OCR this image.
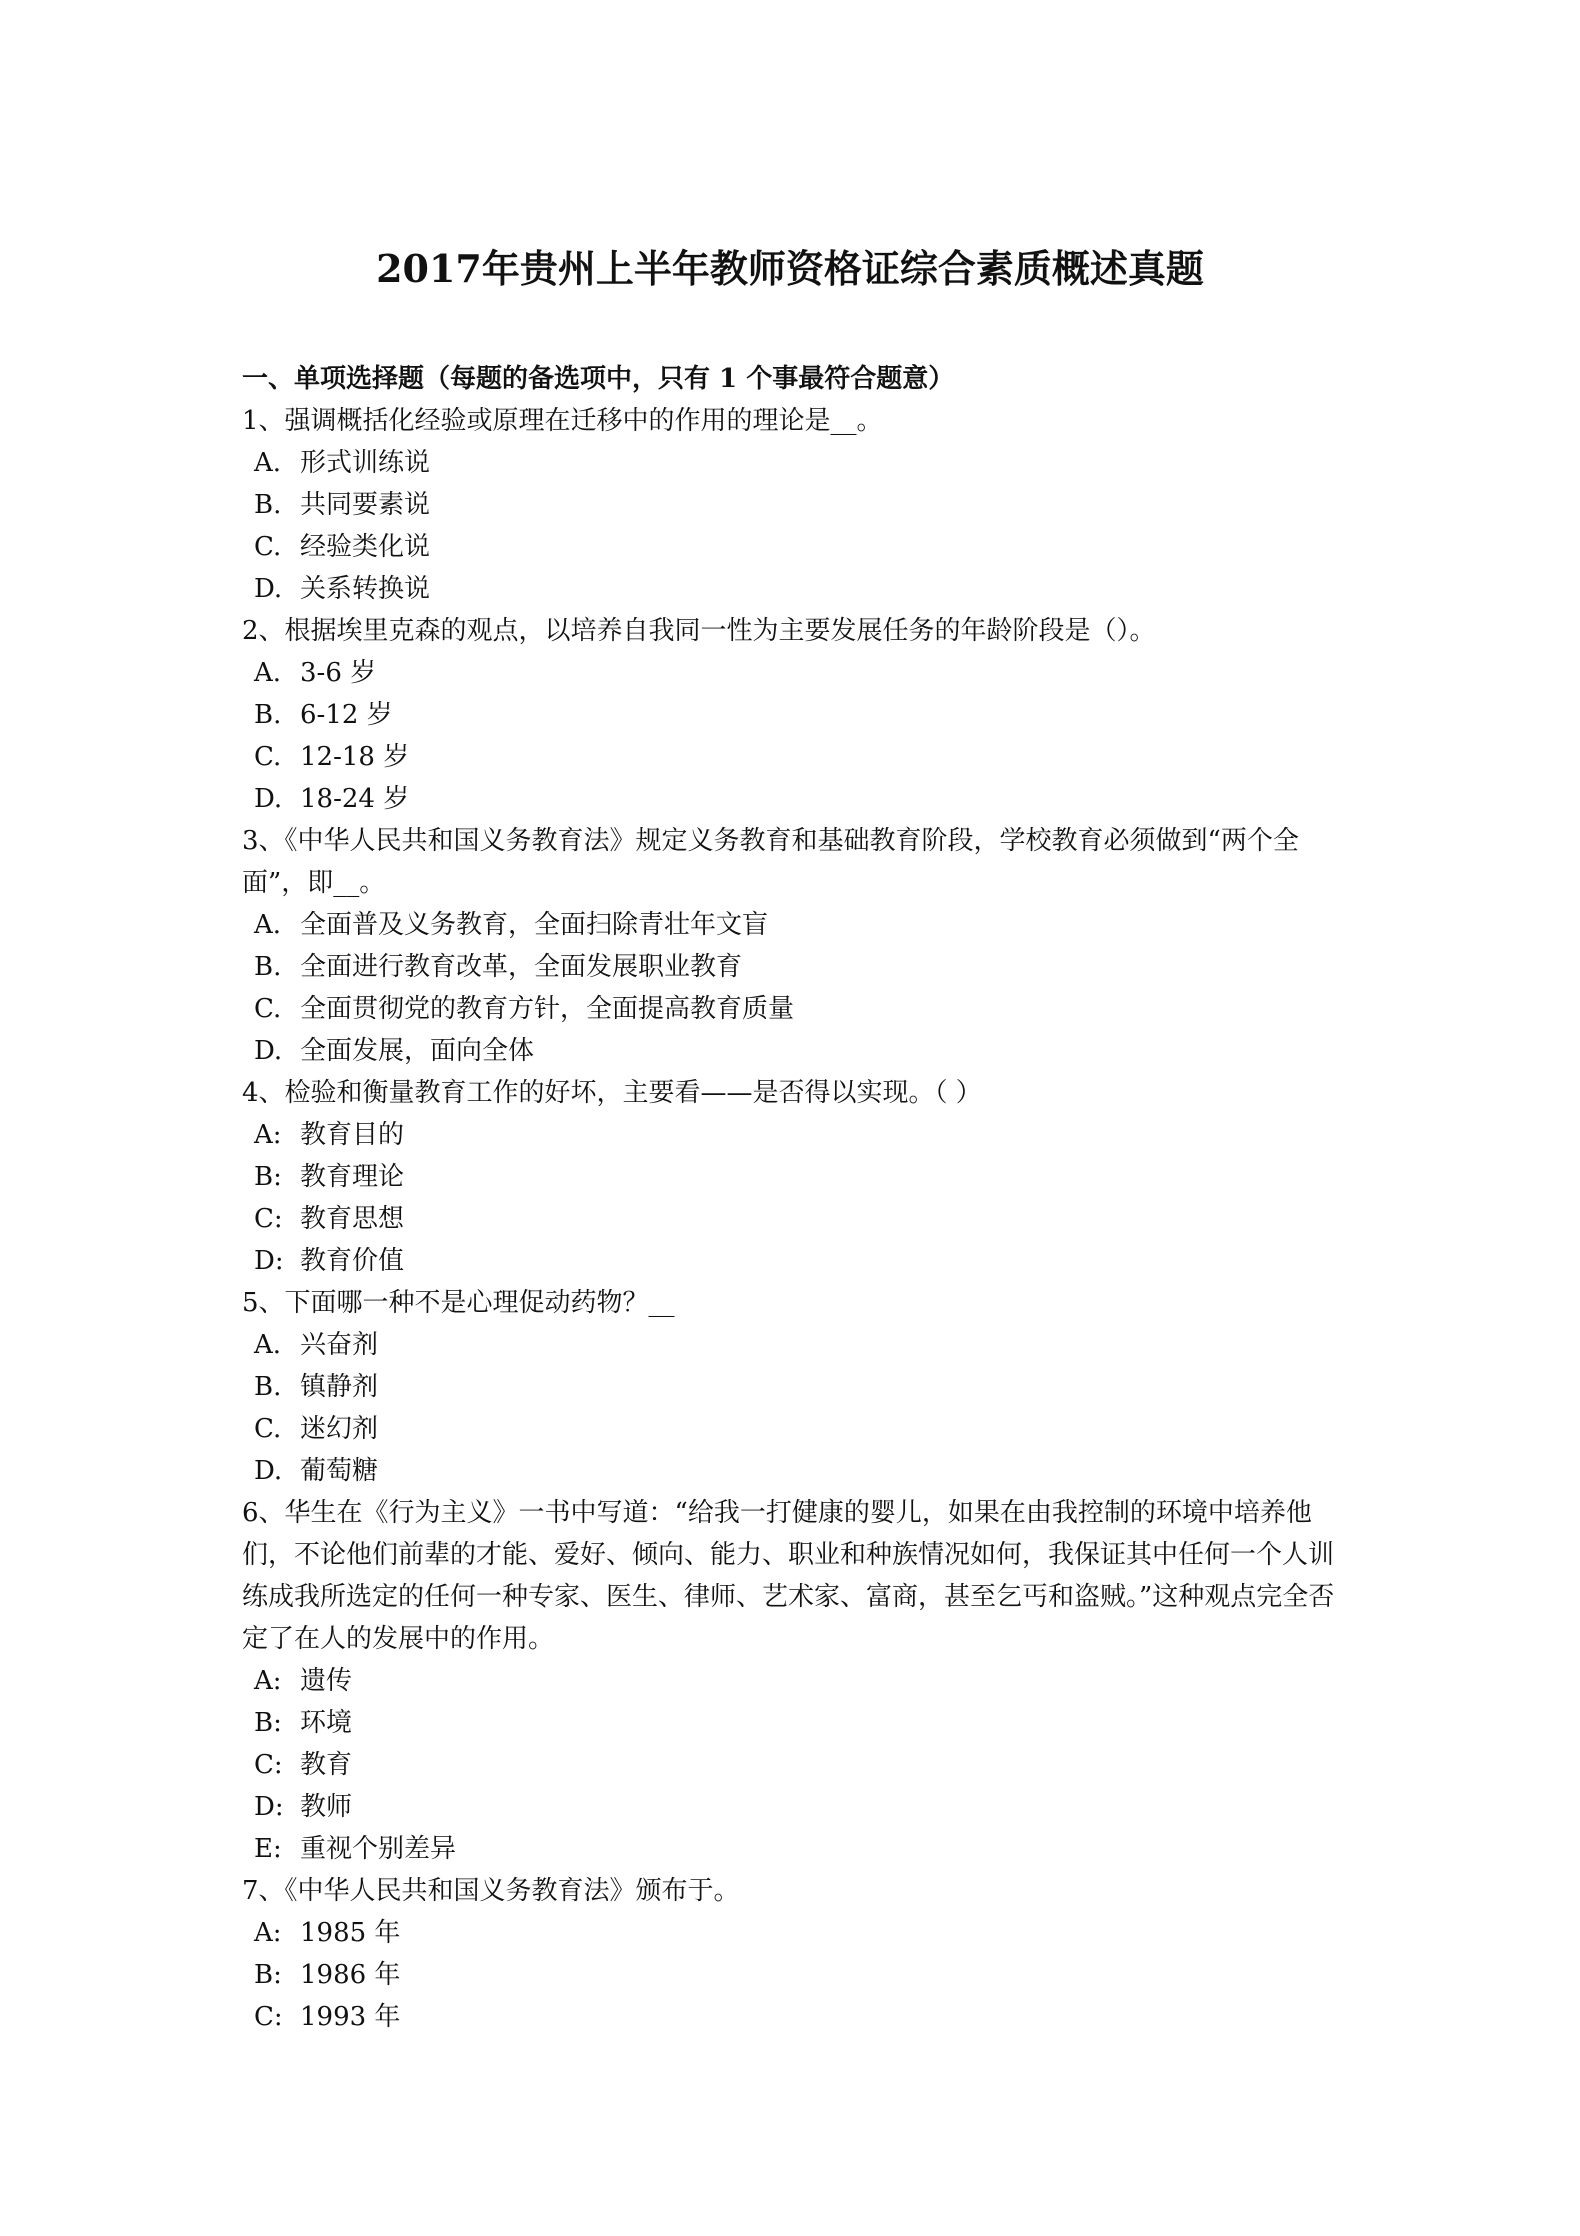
2017年贵州上半年教师资格证综合素质概述真题
一、单项选择题（每题的备选项中，只有 1 个事最符合题意）
1、强调概括化经验或原理在迁移中的作用的理论是__。
A. 形式训练说
B. 共同要素说
C. 经验类化说
D. 关系转换说
2、根据埃里克森的观点，以培养自我同一性为主要发展任务的年龄阶段是（）。
A. 3-6 岁
B. 6-12 岁
C. 12-18 岁
D. 18-24 岁
3、《中华人民共和国义务教育法》规定义务教育和基础教育阶段，学校教育必须做到“两个全面”，即__。
A. 全面普及义务教育，全面扫除青壮年文盲
B. 全面进行教育改革，全面发展职业教育
C. 全面贯彻党的教育方针，全面提高教育质量
D. 全面发展，面向全体
4、检验和衡量教育工作的好坏，主要看——是否得以实现。（ ）
A: 教育目的
B: 教育理论
C: 教育思想
D: 教育价值
5、下面哪一种不是心理促动药物？__
A. 兴奋剂
B. 镇静剂
C. 迷幻剂
D. 葡萄糖
6、华生在《行为主义》一书中写道：“给我一打健康的婴儿，如果在由我控制的环境中培养他们，不论他们前辈的才能、爱好、倾向、能力、职业和种族情况如何，我保证其中任何一个人训练成我所选定的任何一种专家、医生、律师、艺术家、富商，甚至乞丐和盗贼。”这种观点完全否定了在人的发展中的作用。
A: 遗传
B: 环境
C: 教育
D: 教师
E: 重视个别差异
7、《中华人民共和国义务教育法》颁布于。
A: 1985 年
B: 1986 年
C: 1993 年
